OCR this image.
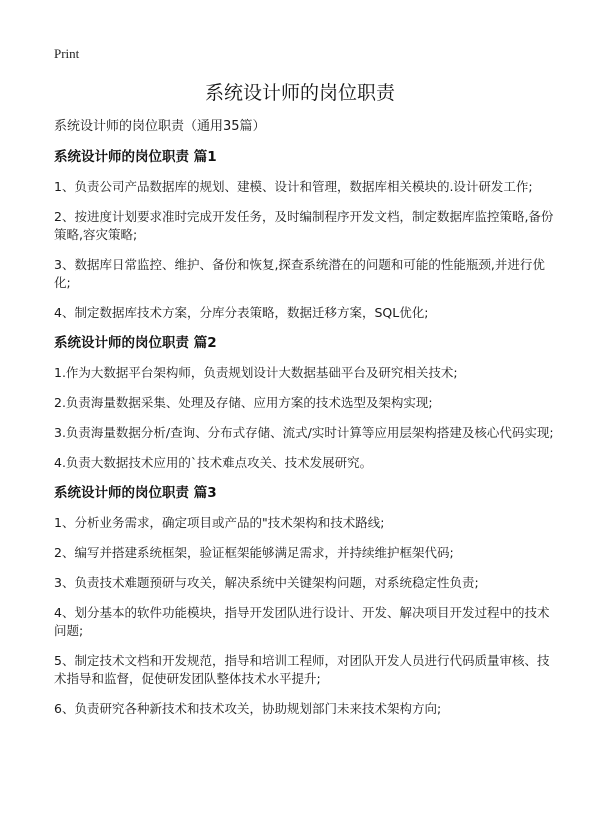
Print
系统设计师的岗位职责

系统设计师的岗位职责（通用35篇）

系统设计师的岗位职责 篇1

1、负责公司产品数据库的规划、建模、设计和管理，数据库相关模块的.设计研发工作;

2、按进度计划要求准时完成开发任务，及时编制程序开发文档，制定数据库监控策略,备份策略,容灾策略;

3、数据库日常监控、维护、备份和恢复,探查系统潜在的问题和可能的性能瓶颈,并进行优化;

4、制定数据库技术方案，分库分表策略，数据迁移方案，SQL优化;

系统设计师的岗位职责 篇2

1.作为大数据平台架构师，负责规划设计大数据基础平台及研究相关技术;

2.负责海量数据采集、处理及存储、应用方案的技术选型及架构实现;

3.负责海量数据分析/查询、分布式存储、流式/实时计算等应用层架构搭建及核心代码实现;

4.负责大数据技术应用的`技术难点攻关、技术发展研究。

系统设计师的岗位职责 篇3

1、分析业务需求，确定项目或产品的"技术架构和技术路线;

2、编写并搭建系统框架，验证框架能够满足需求，并持续维护框架代码;

3、负责技术难题预研与攻关，解决系统中关键架构问题，对系统稳定性负责;

4、划分基本的软件功能模块，指导开发团队进行设计、开发、解决项目开发过程中的技术问题;

5、制定技术文档和开发规范，指导和培训工程师，对团队开发人员进行代码质量审核、技术指导和监督，促使研发团队整体技术水平提升;

6、负责研究各种新技术和技术攻关，协助规划部门未来技术架构方向;
